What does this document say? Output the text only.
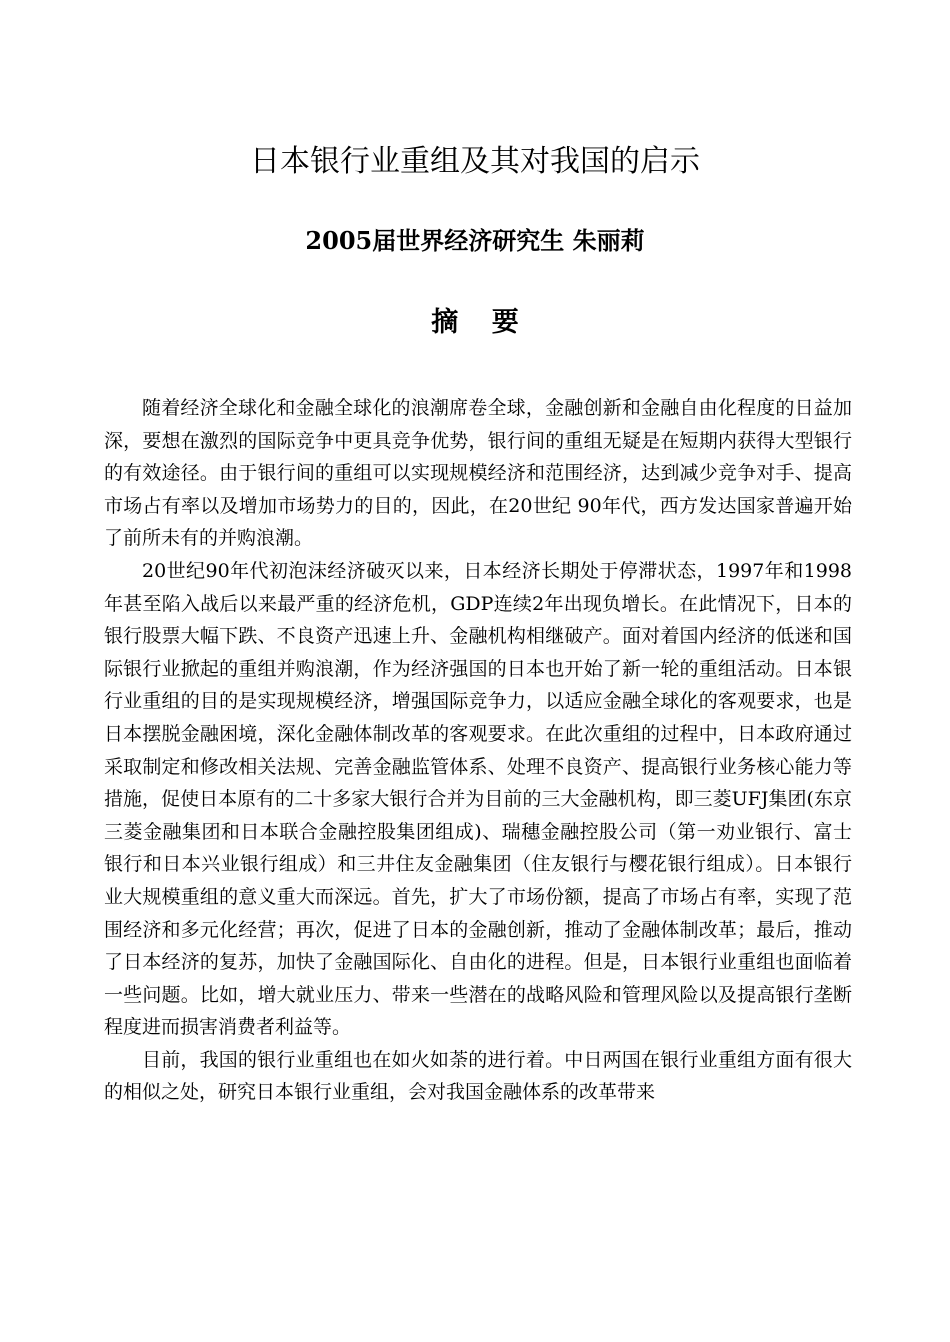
日本银行业重组及其对我国的启示
2005届世界经济研究生 朱丽莉
摘 要

随着经济全球化和金融全球化的浪潮席卷全球，金融创新和金融自由化程度的日益加深，要想在激烈的国际竞争中更具竞争优势，银行间的重组无疑是在短期内获得大型银行的有效途径。由于银行间的重组可以实现规模经济和范围经济，达到减少竞争对手、提高市场占有率以及增加市场势力的目的，因此，在20世纪 90年代，西方发达国家普遍开始了前所未有的并购浪潮。

20世纪90年代初泡沫经济破灭以来，日本经济长期处于停滞状态，1997年和1998年甚至陷入战后以来最严重的经济危机，GDP连续2年出现负增长。在此情况下，日本的银行股票大幅下跌、不良资产迅速上升、金融机构相继破产。面对着国内经济的低迷和国际银行业掀起的重组并购浪潮，作为经济强国的日本也开始了新一轮的重组活动。日本银行业重组的目的是实现规模经济，增强国际竞争力，以适应金融全球化的客观要求，也是日本摆脱金融困境，深化金融体制改革的客观要求。在此次重组的过程中，日本政府通过采取制定和修改相关法规、完善金融监管体系、处理不良资产、提高银行业务核心能力等措施，促使日本原有的二十多家大银行合并为目前的三大金融机构，即三菱UFJ集团(东京三菱金融集团和日本联合金融控股集团组成)、瑞穗金融控股公司（第一劝业银行、富士银行和日本兴业银行组成）和三井住友金融集团（住友银行与樱花银行组成）。日本银行业大规模重组的意义重大而深远。首先，扩大了市场份额，提高了市场占有率，实现了范围经济和多元化经营；再次，促进了日本的金融创新，推动了金融体制改革；最后，推动了日本经济的复苏，加快了金融国际化、自由化的进程。但是，日本银行业重组也面临着一些问题。比如，增大就业压力、带来一些潜在的战略风险和管理风险以及提高银行垄断程度进而损害消费者利益等。

目前，我国的银行业重组也在如火如荼的进行着。中日两国在银行业重组方面有很大的相似之处，研究日本银行业重组，会对我国金融体系的改革带来
